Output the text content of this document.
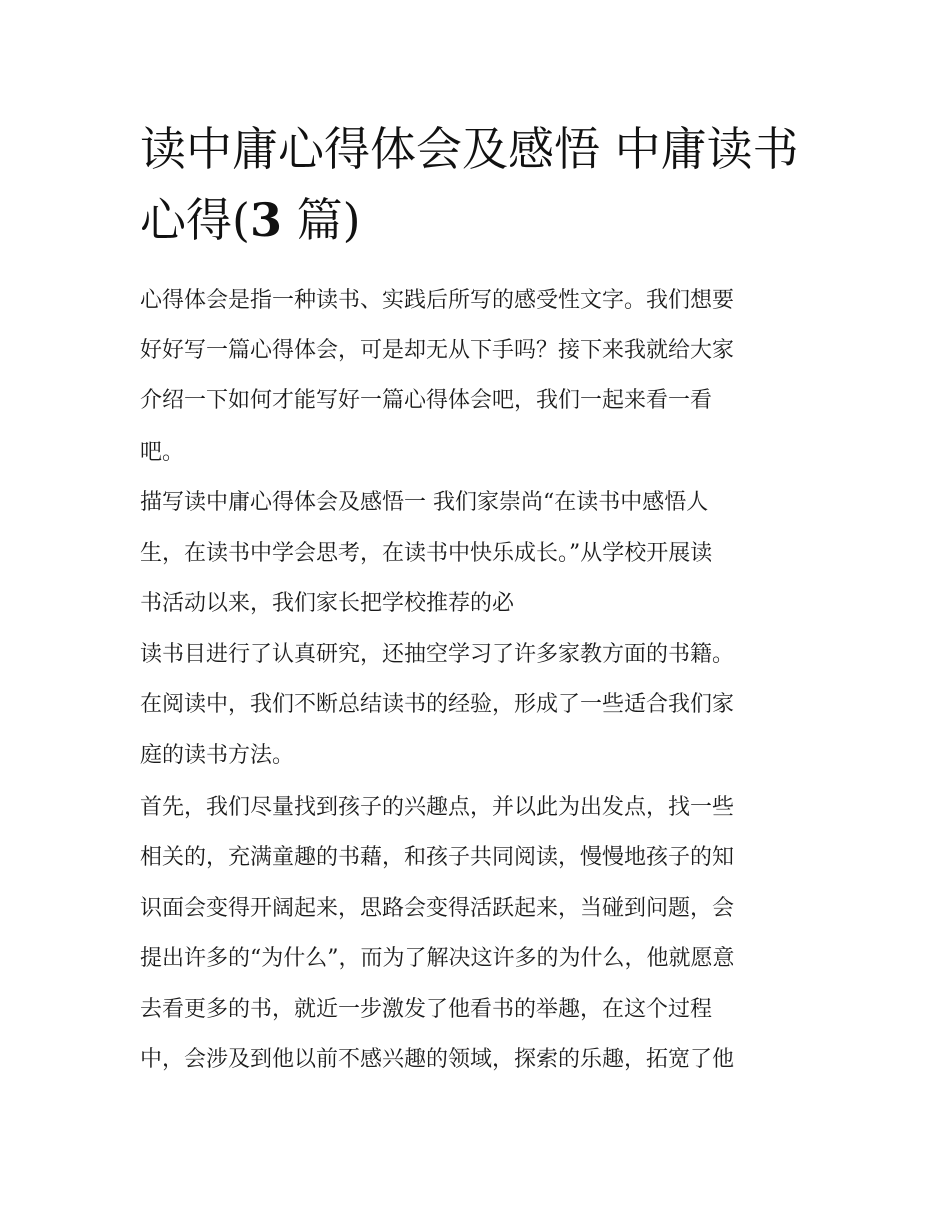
读中庸心得体会及感悟 中庸读书心得(3 篇)

心得体会是指一种读书、实践后所写的感受性文字。我们想要

好好写一篇心得体会，可是却无从下手吗？接下来我就给大家

介绍一下如何才能写好一篇心得体会吧，我们一起来看一看

吧。

描写读中庸心得体会及感悟一 我们家崇尚“在读书中感悟人

生，在读书中学会思考，在读书中快乐成长。”从学校开展读

书活动以来，我们家长把学校推荐的必

读书目进行了认真研究，还抽空学习了许多家教方面的书籍。

在阅读中，我们不断总结读书的经验，形成了一些适合我们家

庭的读书方法。

首先，我们尽量找到孩子的兴趣点，并以此为出发点，找一些

相关的，充满童趣的书藉，和孩子共同阅读，慢慢地孩子的知

识面会变得开阔起来，思路会变得活跃起来，当碰到问题，会

提出许多的“为什么”，而为了解决这许多的为什么，他就愿意

去看更多的书，就近一步激发了他看书的举趣，在这个过程

中，会涉及到他以前不感兴趣的领域，探索的乐趣，拓宽了他
